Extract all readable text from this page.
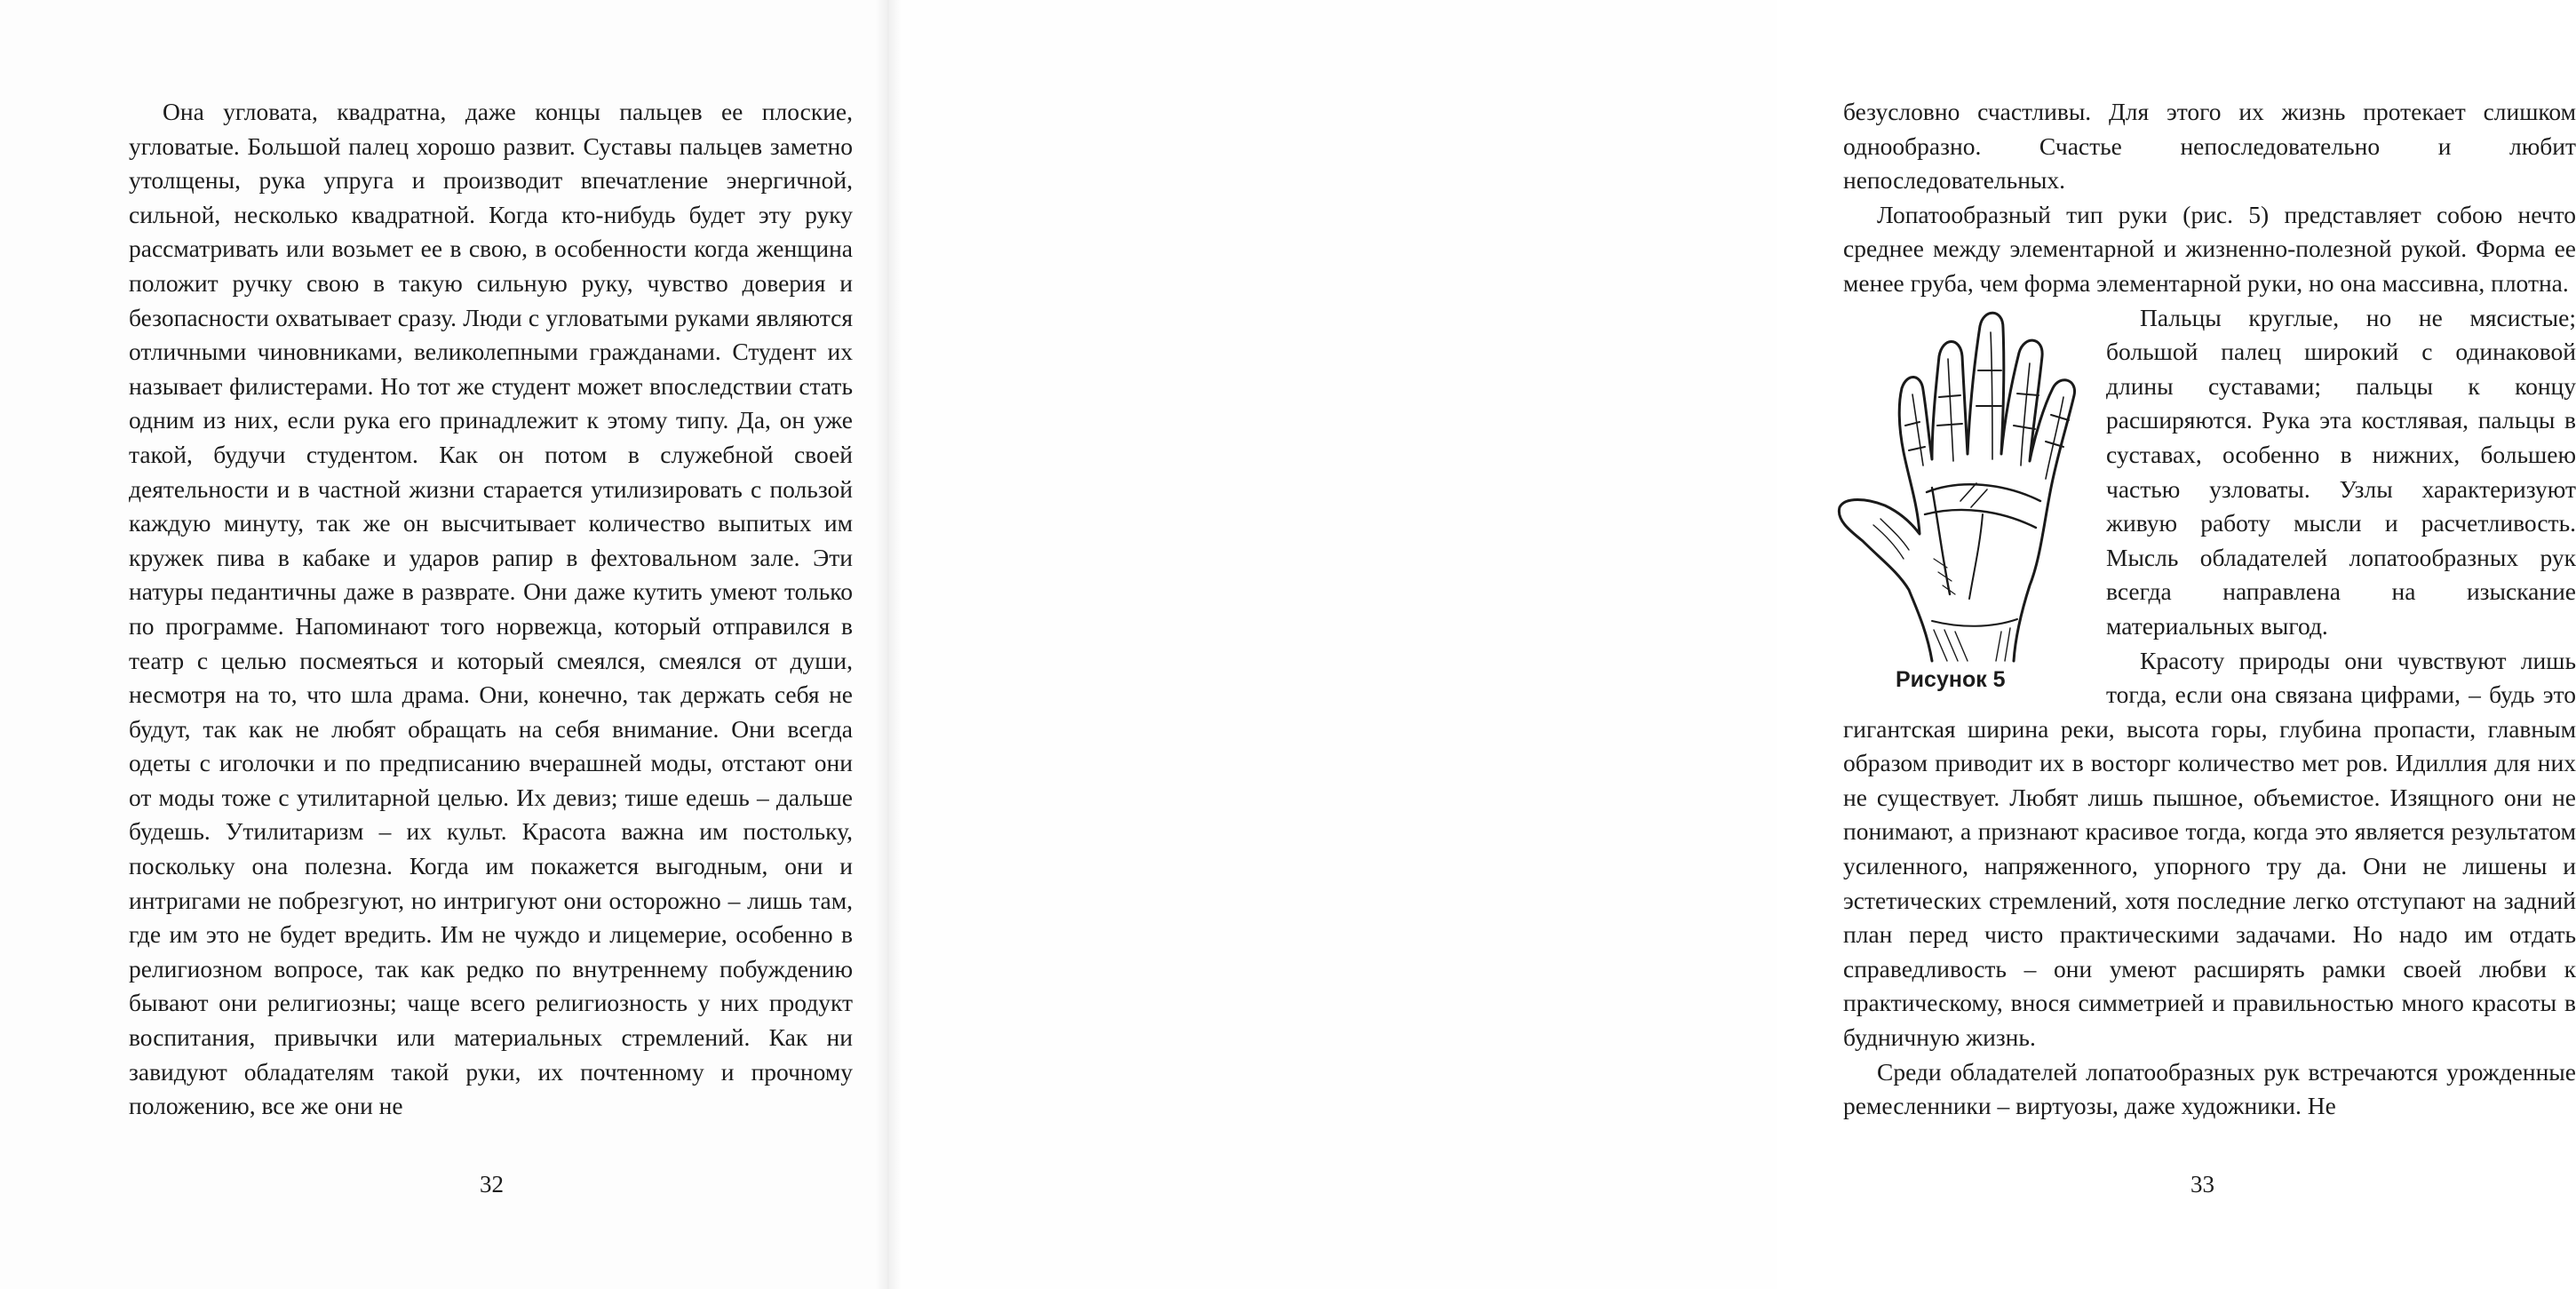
Она угловата, квадратна, даже концы пальцев ее плоские, угловатые. Большой палец хорошо развит. Суставы пальцев заметно утолщены, рука упруга и производит впечатление энергичной, сильной, несколько квадратной. Когда кто-нибудь будет эту руку рассматривать или возьмет ее в свою, в особенности когда женщина положит ручку свою в такую сильную руку, чувство доверия и безопасности охватывает сразу. Люди с угловатыми руками являются отличными чиновниками, великолепными гражданами. Студент их называет филистерами. Но тот же студент может впоследствии стать одним из них, если рука его принадлежит к этому типу. Да, он уже такой, будучи студентом. Как он потом в служебной своей деятельности и в частной жизни старается утилизировать с пользой каждую минуту, так же он высчитывает количество выпитых им кружек пива в кабаке и ударов рапир в фехтовальном зале. Эти натуры педантичны даже в разврате. Они даже кутить умеют только по программе. Напоминают того норвежца, который отправился в театр с целью посмеяться и который смеялся, смеялся от души, несмотря на то, что шла драма. Они, конечно, так держать себя не будут, так как не любят обращать на себя внимание. Они всегда одеты с иголочки и по предписанию вчерашней моды, отстают они от моды тоже с утилитарной целью. Их девиз; тише едешь – дальше будешь. Утилитаризм – их культ. Красота важна им постольку, поскольку она полезна. Когда им покажется выгодным, они и интригами не побрезгуют, но интригуют они осторожно – лишь там, где им это не будет вредить. Им не чуждо и лицемерие, особенно в религиозном вопросе, так как редко по внутреннему побуждению бывают они религиозны; чаще всего религиозность у них продукт воспитания, привычки или материальных стремлений. Как ни завидуют обладателям такой руки, их почтенному и прочному положению, все же они не

32

безусловно счастливы. Для этого их жизнь протекает слишком однообразно. Счастье непоследовательно и любит непоследовательных.

Лопатообразный тип руки (рис. 5) представляет собою нечто среднее между элементарной и жизненно-полезной рукой. Форма ее менее груба, чем форма элементарной руки, но она массивна, плотна.

Рисунок 5

Пальцы круглые, но не мясистые; большой палец широкий с одинаковой длины суставами; пальцы к концу расширяются. Рука эта костлявая, пальцы в суставах, особенно в нижних, большею частью узловаты. Узлы характеризуют живую работу мысли и расчетливость. Мысль обладателей лопатообразных рук всегда направлена на изыскание материальных выгод.

Красоту природы они чувствуют лишь тогда, если она связана цифрами, – будь это гигантская ширина реки, высота горы, глубина пропасти, главным образом приводит их в восторг количество мет ров. Идиллия для них не существует. Любят лишь пышное, объемистое. Изящного они не понимают, а признают красивое тогда, когда это является результатом усиленного, напряженного, упорного тру да. Они не лишены и эстетических стремлений, хотя последние легко отступают на задний план перед чисто практическими задачами. Но надо им отдать справедливость – они умеют расширять рамки своей любви к практическому, внося симметрией и правильностью много красоты в будничную жизнь.

Среди обладателей лопатообразных рук встречаются урожденные ремесленники – виртуозы, даже художники. Не

33
